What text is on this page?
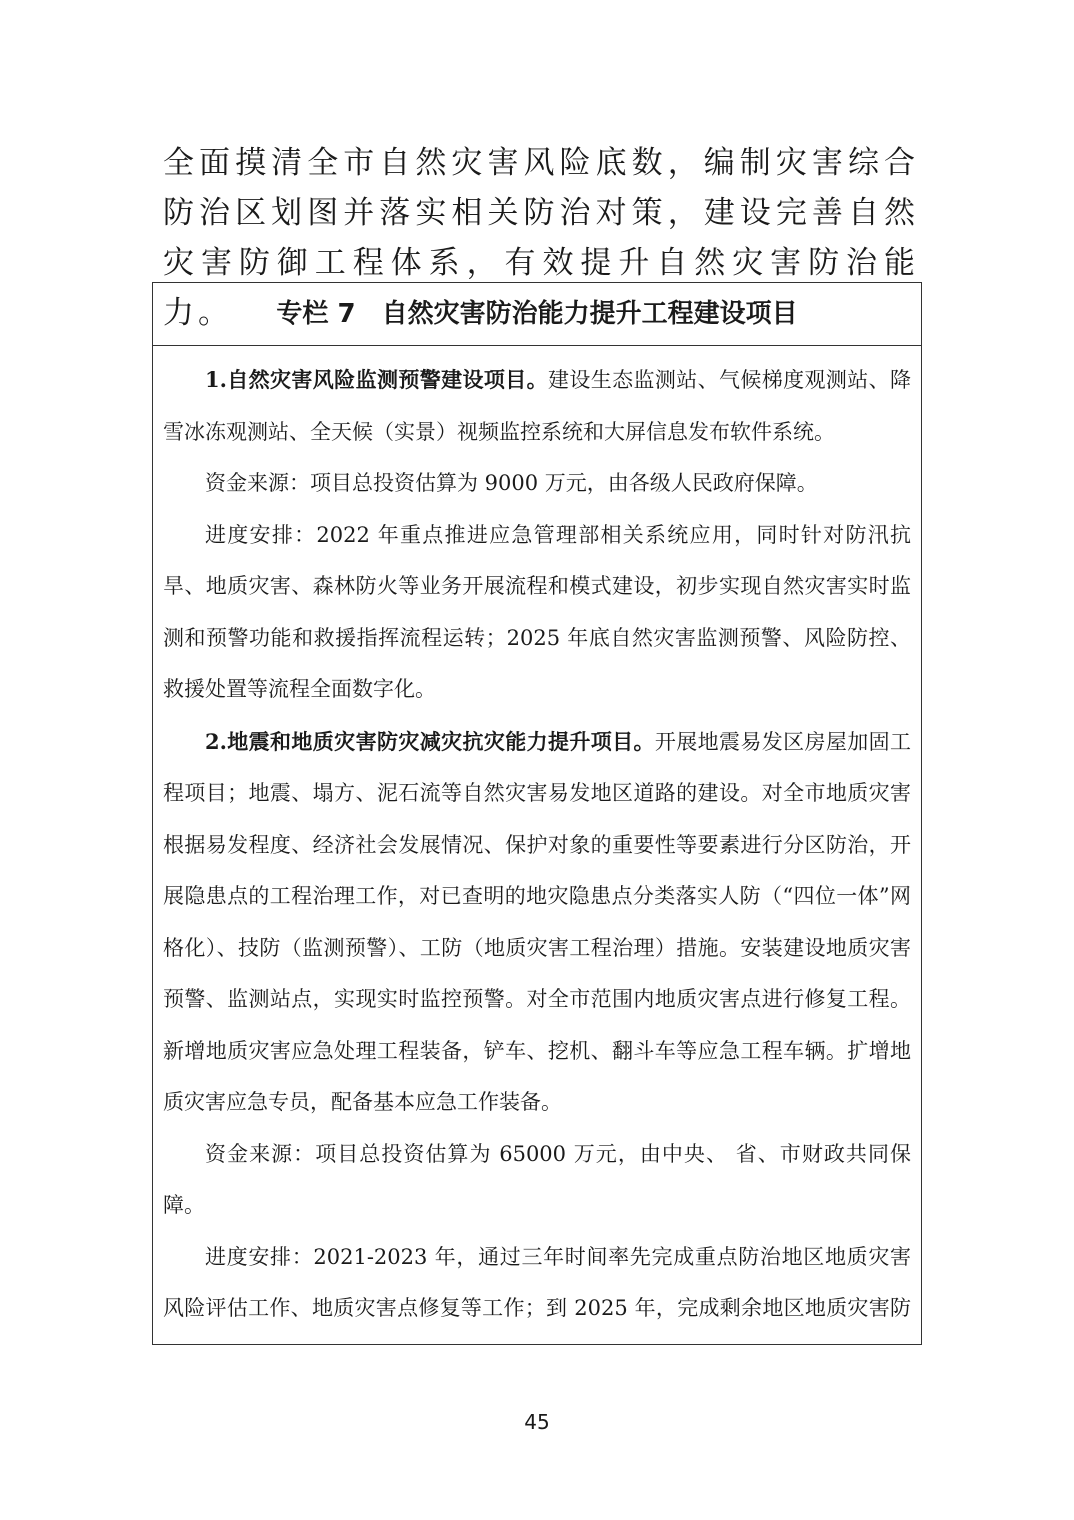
全面摸清全市自然灾害风险底数，编制灾害综合防治区划图并落实相关防治对策，建设完善自然灾害防御工程体系，有效提升自然灾害防治能力。	专栏 7　自然灾害防治能力提升工程建设项目

1.自然灾害风险监测预警建设项目。建设生态监测站、气候梯度观测站、降雪冰冻观测站、全天候（实景）视频监控系统和大屏信息发布软件系统。

资金来源：项目总投资估算为 9000 万元，由各级人民政府保障。

进度安排：2022 年重点推进应急管理部相关系统应用，同时针对防汛抗旱、地质灾害、森林防火等业务开展流程和模式建设，初步实现自然灾害实时监测和预警功能和救援指挥流程运转；2025 年底自然灾害监测预警、风险防控、救援处置等流程全面数字化。

2.地震和地质灾害防灾减灾抗灾能力提升项目。开展地震易发区房屋加固工程项目；地震、塌方、泥石流等自然灾害易发地区道路的建设。对全市地质灾害根据易发程度、经济社会发展情况、保护对象的重要性等要素进行分区防治，开展隐患点的工程治理工作，对已查明的地灾隐患点分类落实人防（“四位一体”网格化）、技防（监测预警）、工防（地质灾害工程治理）措施。安装建设地质灾害预警、监测站点，实现实时监控预警。对全市范围内地质灾害点进行修复工程。新增地质灾害应急处理工程装备，铲车、挖机、翻斗车等应急工程车辆。扩增地质灾害应急专员，配备基本应急工作装备。

资金来源：项目总投资估算为 65000 万元，由中央、 省、市财政共同保障。

进度安排：2021-2023 年，通过三年时间率先完成重点防治地区地质灾害风险评估工作、地质灾害点修复等工作；到 2025 年，完成剩余地区地质灾害防

45
